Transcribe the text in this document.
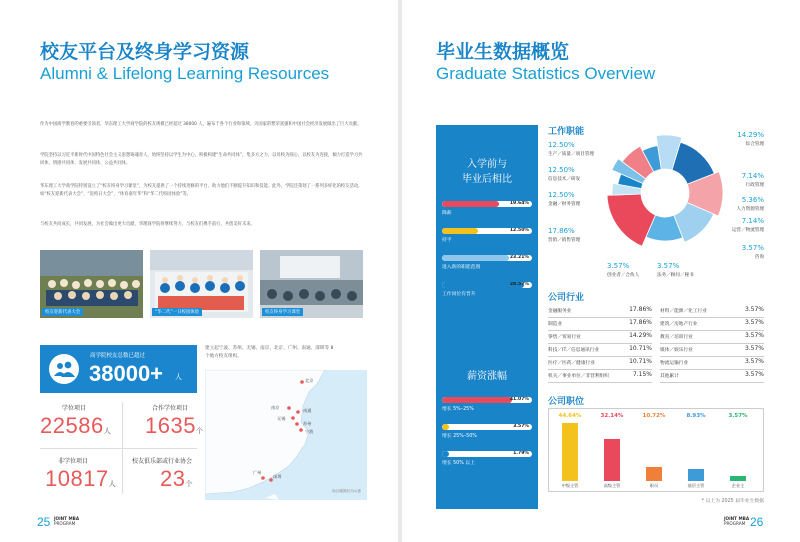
校友平台及终身学习资源
Alumni & Lifelong Learning Resources
作为中国商学教育的重要引领者，华东理工大学商学院的校友规模已经超过 38000 人，遍布于各个行业和领域，为国家的繁荣富强和中国社会经济发展做出了巨大贡献。
学院坚持以习近平新时代中国特色社会主义思想铸魂育人，始终坚持以学生为中心，积极构建“生命共同体”，集多方之力，以母校为圆心，以校友为连接，倾力打造学习共同体、情感共同体、发展共同体、公益共同体。
华东理工大学商学院特别设立了“校友终身学习课堂”，为校友提供了一个持续进修的平台，助力他们不断提升知识和技能。此外，学院还策划了一系列多样化的校友活动，如“校友迎新代表大会”、“返校日大会”、“体育嘉年华”和“华二代校园体验”等。
与校友共同成长，共同发展，为社会做出更大贡献，华理商学院将继续努力，与校友们携手前行，共创美好未来。
校友迎新代表大会	“华二代”一日校园体验	校友终身学习课堂
商学院校友总数已超过
38000+ 人
学位项目
22586人
合作学位项目
1635个
非学位项目
10817人
校友俱乐部或行业协会
23个
建立起宁波、苏州、无锡、南京、北京、广州、南通、深圳等 8 个地方校友组织。
北京
南京
南通
无锡
苏州
宁波
广州
深圳
标注地图仅为示意
25 JOINT MBA
PROGRAM
毕业生数据概览
Graduate Statistics Overview
入学前与
毕业后相比
薪资涨幅
降薪
19.64%
持平
12.50%
进入新的职能范围
23.21%
工作岗位有晋升
28.57%
增长 5%–25%
41.07%
增长 25%–50%
3.57%
增长 50% 以上
1.79%
工作职能
公司行业
公司职位
* 以上为 2025 届毕业生数据
26
JOINT MBA
PROGRAM
12.50%
生产／质量／项目管理
12.50%
信息技术／研发
12.50%
金融／财务管理
17.86%
营销／销售管理
3.57%
创业者／合伙人
3.57%
法务／顾问／秘书
3.57%
咨询
7.14%
运营／物流管理
5.36%
人力资源管理
7.14%
行政管理
14.29%
综合管理
金融服务业	17.86%
制造业	17.86%
零售／贸易行业	14.29%
科技／IT／信息通讯行业	10.71%
医疗／医药／健康行业	10.71%
机关／事业单位／非营利组织	7.15%
材料／能源／化工行业	3.57%
建筑／房地产行业	3.57%
教育／培训行业	3.57%
媒体／娱乐行业	3.57%
物流运输行业	3.57%
其他累计	3.57%
44.64%
中级主管
32.14%
高级主管
10.72%
职员
8.93%
基层主管
3.57%
企业主
